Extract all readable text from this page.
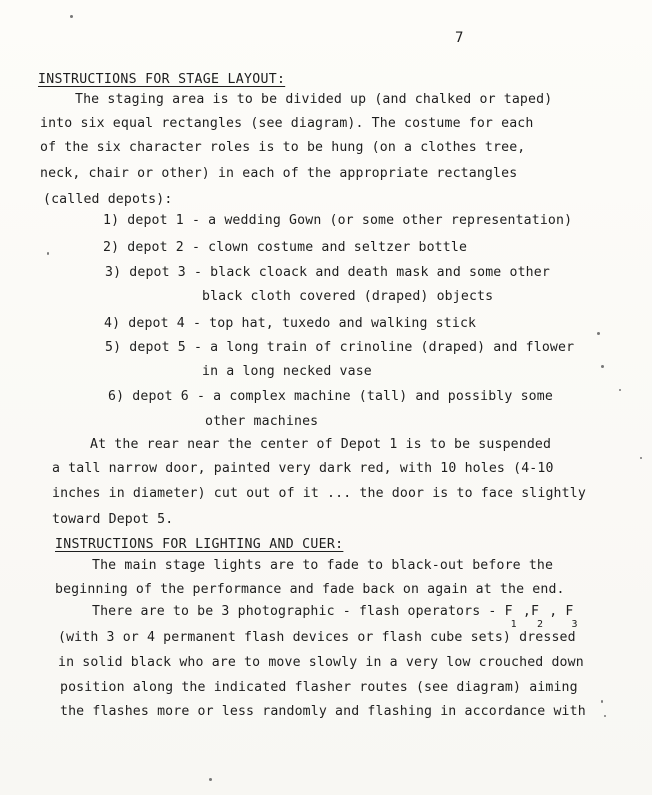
7
INSTRUCTIONS FOR STAGE LAYOUT:
The staging area is to be divided up (and chalked or taped)
into six equal rectangles (see diagram). The costume for each
of the six character roles is to be hung (on a clothes tree,
neck, chair or other) in each of the appropriate rectangles
(called depots):
1) depot 1 - a wedding Gown (or some other representation)
2) depot 2 - clown costume and seltzer bottle
3) depot 3 - black cloack and death mask and some other
black cloth covered (draped) objects
4) depot 4 - top hat, tuxedo and walking stick
5) depot 5 - a long train of crinoline (draped) and flower
in a long necked vase
6) depot 6 - a complex machine (tall) and possibly some
other machines
At the rear near the center of Depot 1 is to be suspended
a tall narrow door, painted very dark red, with 10 holes (4-10
inches in diameter) cut out of it ... the door is to face slightly
toward Depot 5.
INSTRUCTIONS FOR LIGHTING AND CUER:
The main stage lights are to fade to black-out before the
beginning of the performance and fade back on again at the end.
There are to be 3 photographic - flash operators - $F_1,F_2$, $F_3$
(with 3 or 4 permanent flash devices or flash cube sets) dressed
in solid black who are to move slowly in a very low crouched down
position along the indicated flasher routes (see diagram) aiming
the flashes more or less randomly and flashing in accordance with
